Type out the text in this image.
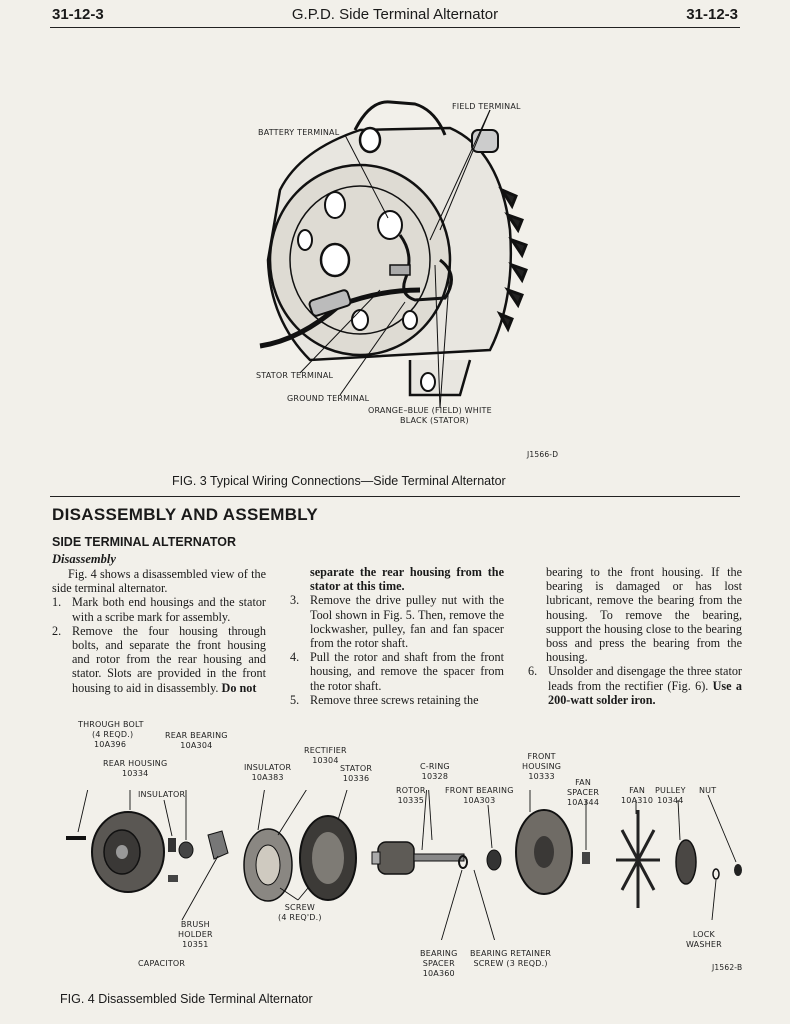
31-12-3	G.P.D. Side Terminal Alternator	31-12-3
FIELD TERMINAL
BATTERY TERMINAL
STATOR TERMINAL
GROUND TERMINAL
ORANGE–BLUE (FIELD) WHITE
BLACK (STATOR)
J1566-D
FIG. 3 Typical Wiring Connections—Side Terminal Alternator
DISASSEMBLY AND ASSEMBLY
SIDE TERMINAL ALTERNATOR
Disassembly

Fig. 4 shows a disassembled view of the side terminal alternator.

1. Mark both end housings and the stator with a scribe mark for assembly.
2. Remove the four housing through bolts, and separate the front housing and rotor from the rear housing and stator. Slots are provided in the front housing to aid in disassembly. Do not

separate the rear housing from the stator at this time.

3. Remove the drive pulley nut with the Tool shown in Fig. 5. Then, remove the lockwasher, pulley, fan and fan spacer from the rotor shaft.
4. Pull the rotor and shaft from the front housing, and remove the spacer from the rotor shaft.
5. Remove three screws retaining the

bearing to the front housing. If the bearing is damaged or has lost lubricant, remove the bearing from the housing. To remove the bearing, support the housing close to the bearing boss and press the bearing from the housing.

6. Unsolder and disengage the three stator leads from the rectifier (Fig. 6). Use a 200-watt solder iron.
THROUGH BOLT
(4 REQD.)
10A396
REAR BEARING
10A304
REAR HOUSING
10334
INSULATOR
INSULATOR
10A383
RECTIFIER
10304
STATOR
10336
C-RING
10328
ROTOR
10335
FRONT BEARING
10A303
FRONT
HOUSING
10333
FAN
SPACER
10A344
FAN
10A310
PULLEY
10344
NUT
SCREW
(4 REQ'D.)
BRUSH
HOLDER
10351
CAPACITOR
BEARING
SPACER
10A360
BEARING RETAINER
SCREW (3 REQD.)
LOCK
WASHER
J1562-B
FIG. 4 Disassembled Side Terminal Alternator
